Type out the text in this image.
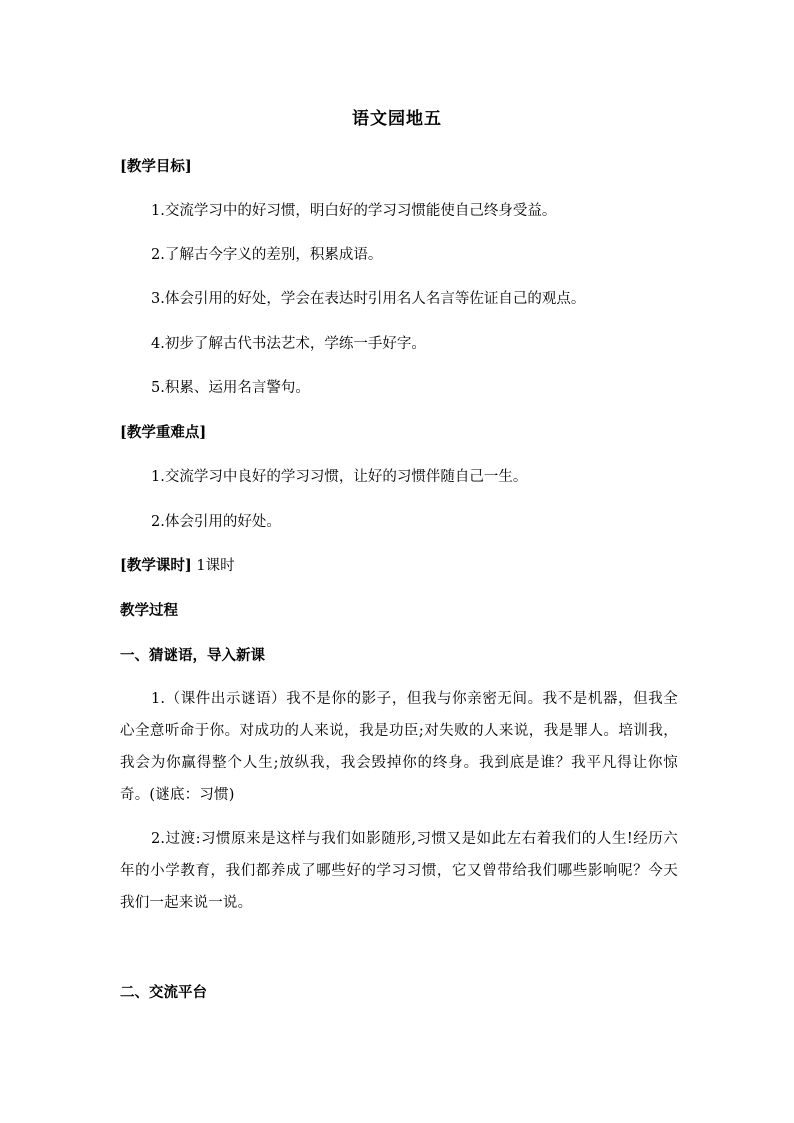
语文园地五
[教学目标]
1.交流学习中的好习惯，明白好的学习习惯能使自己终身受益。
2.了解古今字义的差别，积累成语。
3.体会引用的好处，学会在表达时引用名人名言等佐证自己的观点。
4.初步了解古代书法艺术，学练一手好字。
5.积累、运用名言警句。
[教学重难点]
1.交流学习中良好的学习习惯，让好的习惯伴随自己一生。
2.体会引用的好处。
[教学课时] 1课时
教学过程
一、猜谜语，导入新课
1.（课件出示谜语）我不是你的影子，但我与你亲密无间。我不是机器，但我全心全意听命于你。对成功的人来说，我是功臣;对失败的人来说，我是罪人。培训我，我会为你赢得整个人生;放纵我，我会毁掉你的终身。我到底是谁？我平凡得让你惊奇。(谜底：习惯)
2.过渡:习惯原来是这样与我们如影随形,习惯又是如此左右着我们的人生!经历六年的小学教育，我们都养成了哪些好的学习习惯，它又曾带给我们哪些影响呢？今天我们一起来说一说。
二、交流平台
